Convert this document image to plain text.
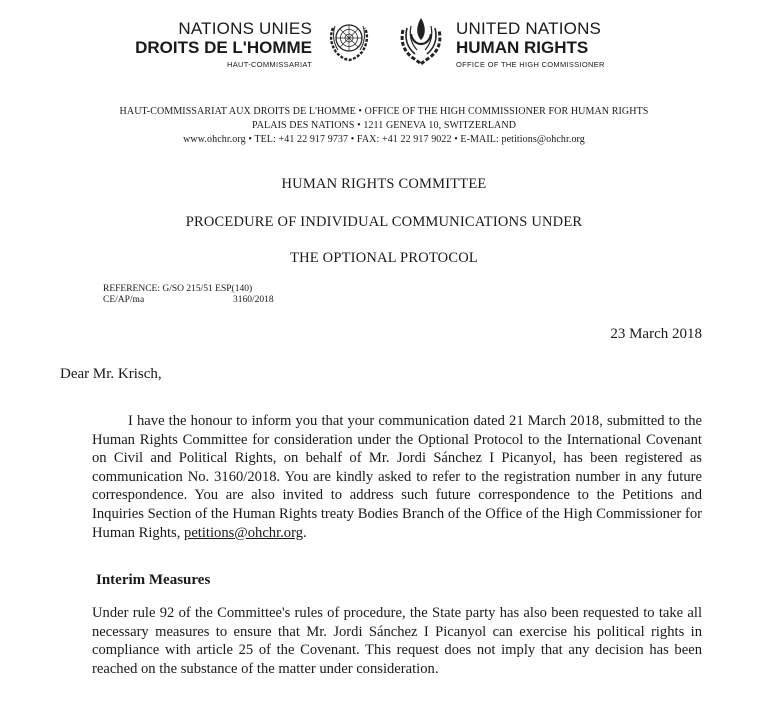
NATIONS UNIES
DROITS DE L'HOMME
HAUT-COMMISSARIAT
UNITED NATIONS
HUMAN RIGHTS
OFFICE OF THE HIGH COMMISSIONER
HAUT-COMMISSARIAT AUX DROITS DE L'HOMME • OFFICE OF THE HIGH COMMISSIONER FOR HUMAN RIGHTS
PALAIS DES NATIONS • 1211 GENEVA 10, SWITZERLAND
www.ohchr.org • TEL: +41 22 917 9737 • FAX: +41 22 917 9022 • E-MAIL: petitions@ohchr.org
HUMAN RIGHTS COMMITTEE
PROCEDURE OF INDIVIDUAL COMMUNICATIONS UNDER
THE OPTIONAL PROTOCOL
REFERENCE:
G/SO 215/51 ESP(140)
CE/AP/ma	3160/2018
23 March 2018
Dear Mr. Krisch,
I have the honour to inform you that your communication dated 21 March 2018, submitted to the Human Rights Committee for consideration under the Optional Protocol to the International Covenant on Civil and Political Rights, on behalf of Mr. Jordi Sánchez I Picanyol, has been registered as communication No. 3160/2018. You are kindly asked to refer to the registration number in any future correspondence. You are also invited to address such future correspondence to the Petitions and Inquiries Section of the Human Rights treaty Bodies Branch of the Office of the High Commissioner for Human Rights, petitions@ohchr.org.
Interim Measures
Under rule 92 of the Committee's rules of procedure, the State party has also been requested to take all necessary measures to ensure that Mr. Jordi Sánchez I Picanyol can exercise his political rights in compliance with article 25 of the Covenant. This request does not imply that any decision has been reached on the substance of the matter under consideration.
